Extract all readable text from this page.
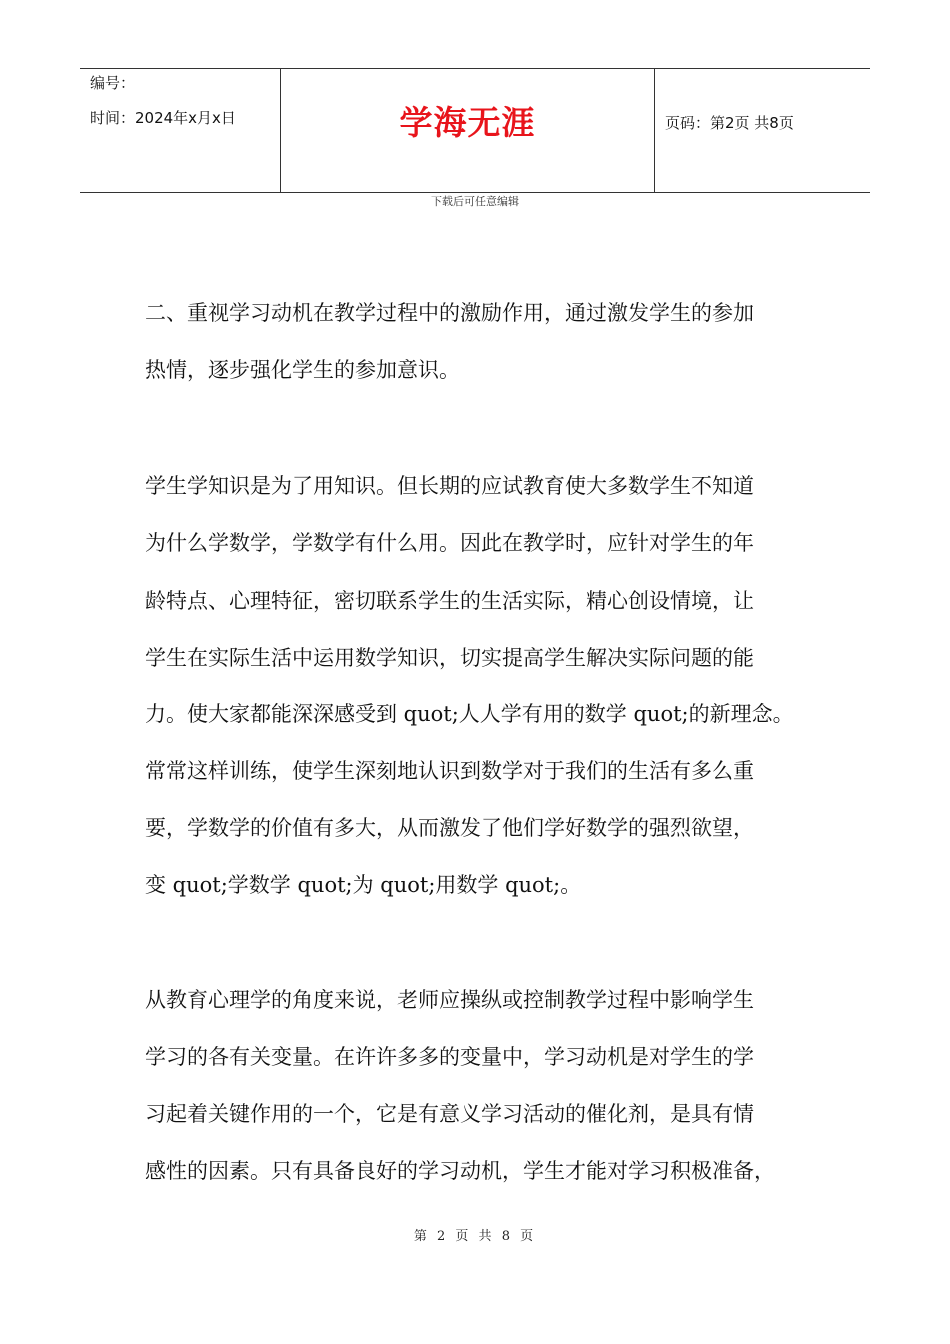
编号：
时间：2024年x月x日	学海无涯	页码：第2页 共8页
下载后可任意编辑
二、重视学习动机在教学过程中的激励作用，通过激发学生的参加
热情，逐步强化学生的参加意识。
学生学知识是为了用知识。但长期的应试教育使大多数学生不知道
为什么学数学，学数学有什么用。因此在教学时，应针对学生的年
龄特点、心理特征，密切联系学生的生活实际，精心创设情境，让
学生在实际生活中运用数学知识，切实提高学生解决实际问题的能
力。使大家都能深深感受到 quot;人人学有用的数学 quot;的新理念。
常常这样训练，使学生深刻地认识到数学对于我们的生活有多么重
要，学数学的价值有多大，从而激发了他们学好数学的强烈欲望，
变 quot;学数学 quot;为 quot;用数学 quot;。
从教育心理学的角度来说，老师应操纵或控制教学过程中影响学生
学习的各有关变量。在许许多多的变量中，学习动机是对学生的学
习起着关键作用的一个，它是有意义学习活动的催化剂，是具有情
感性的因素。只有具备良好的学习动机，学生才能对学习积极准备，
第 2 页 共 8 页
